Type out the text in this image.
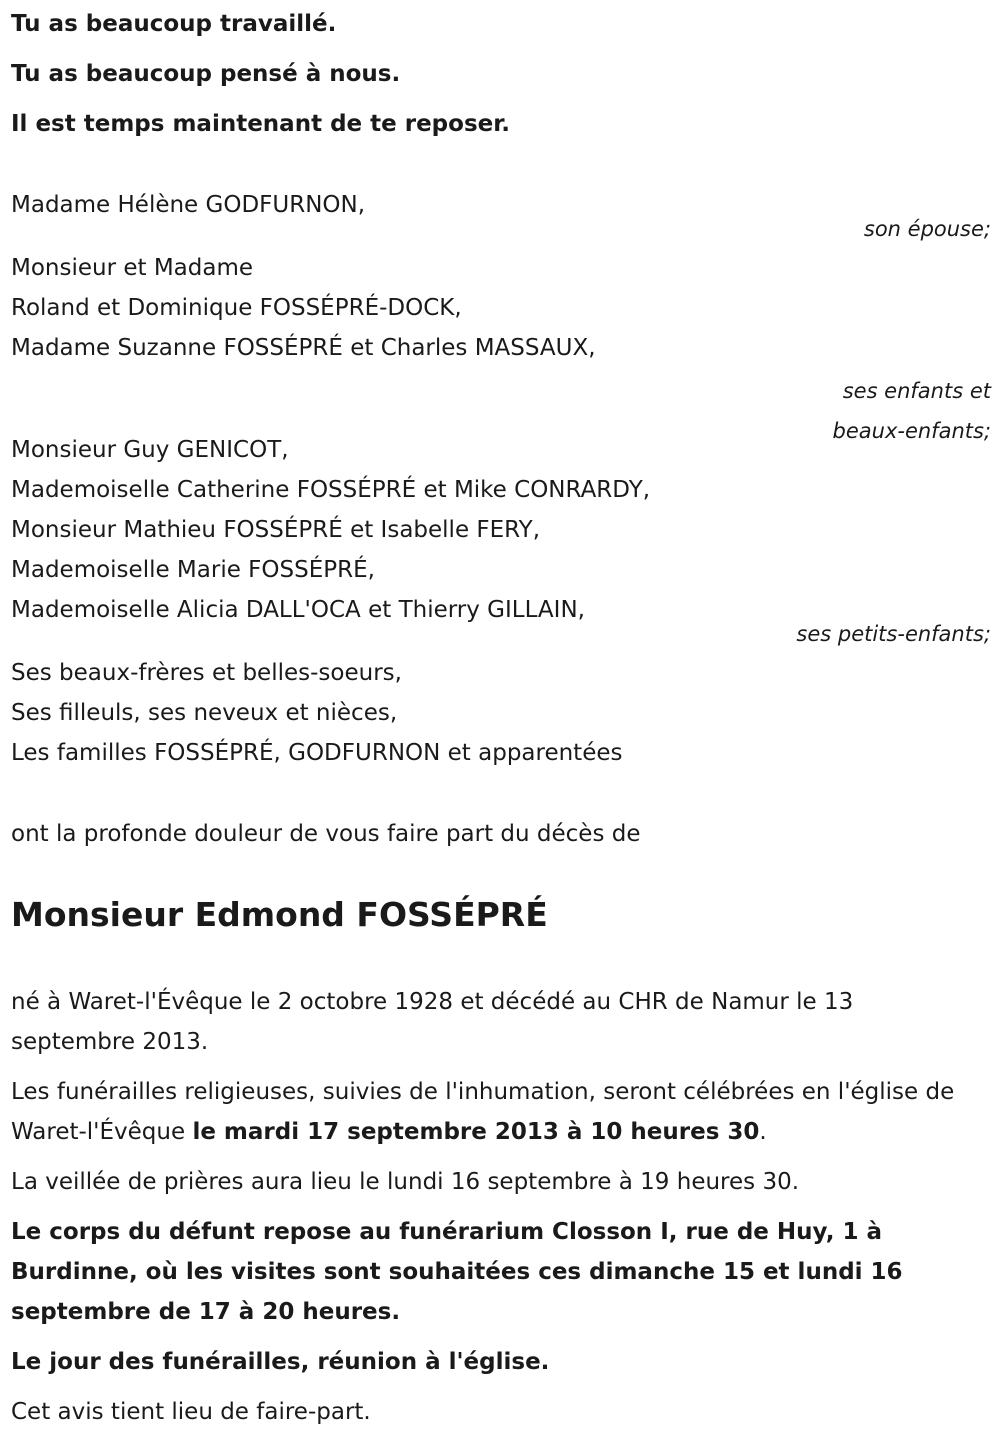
Tu as beaucoup travaillé.

Tu as beaucoup pensé à nous.

Il est temps maintenant de te reposer.

Madame Hélène GODFURNON,

son épouse;

Monsieur et Madame

Roland et Dominique FOSSÉPRÉ-DOCK,

Madame Suzanne FOSSÉPRÉ et Charles MASSAUX,

ses enfants et

beaux-enfants;

Monsieur Guy GENICOT,

Mademoiselle Catherine FOSSÉPRÉ et Mike CONRARDY,

Monsieur Mathieu FOSSÉPRÉ et Isabelle FERY,

Mademoiselle Marie FOSSÉPRÉ,

Mademoiselle Alicia DALL'OCA et Thierry GILLAIN,

ses petits-enfants;

Ses beaux-frères et belles-soeurs,

Ses filleuls, ses neveux et nièces,

Les familles FOSSÉPRÉ, GODFURNON et apparentées

ont la profonde douleur de vous faire part du décès de

Monsieur Edmond FOSSÉPRÉ

né à Waret-l'Évêque le 2 octobre 1928 et décédé au CHR de Namur le 13 septembre 2013.

Les funérailles religieuses, suivies de l'inhumation, seront célébrées en l'église de Waret-l'Évêque le mardi 17 septembre 2013 à 10 heures 30.

La veillée de prières aura lieu le lundi 16 septembre à 19 heures 30.

Le corps du défunt repose au funérarium Closson I, rue de Huy, 1 à Burdinne, où les visites sont souhaitées ces dimanche 15 et lundi 16 septembre de 17 à 20 heures.

Le jour des funérailles, réunion à l'église.

Cet avis tient lieu de faire-part.
